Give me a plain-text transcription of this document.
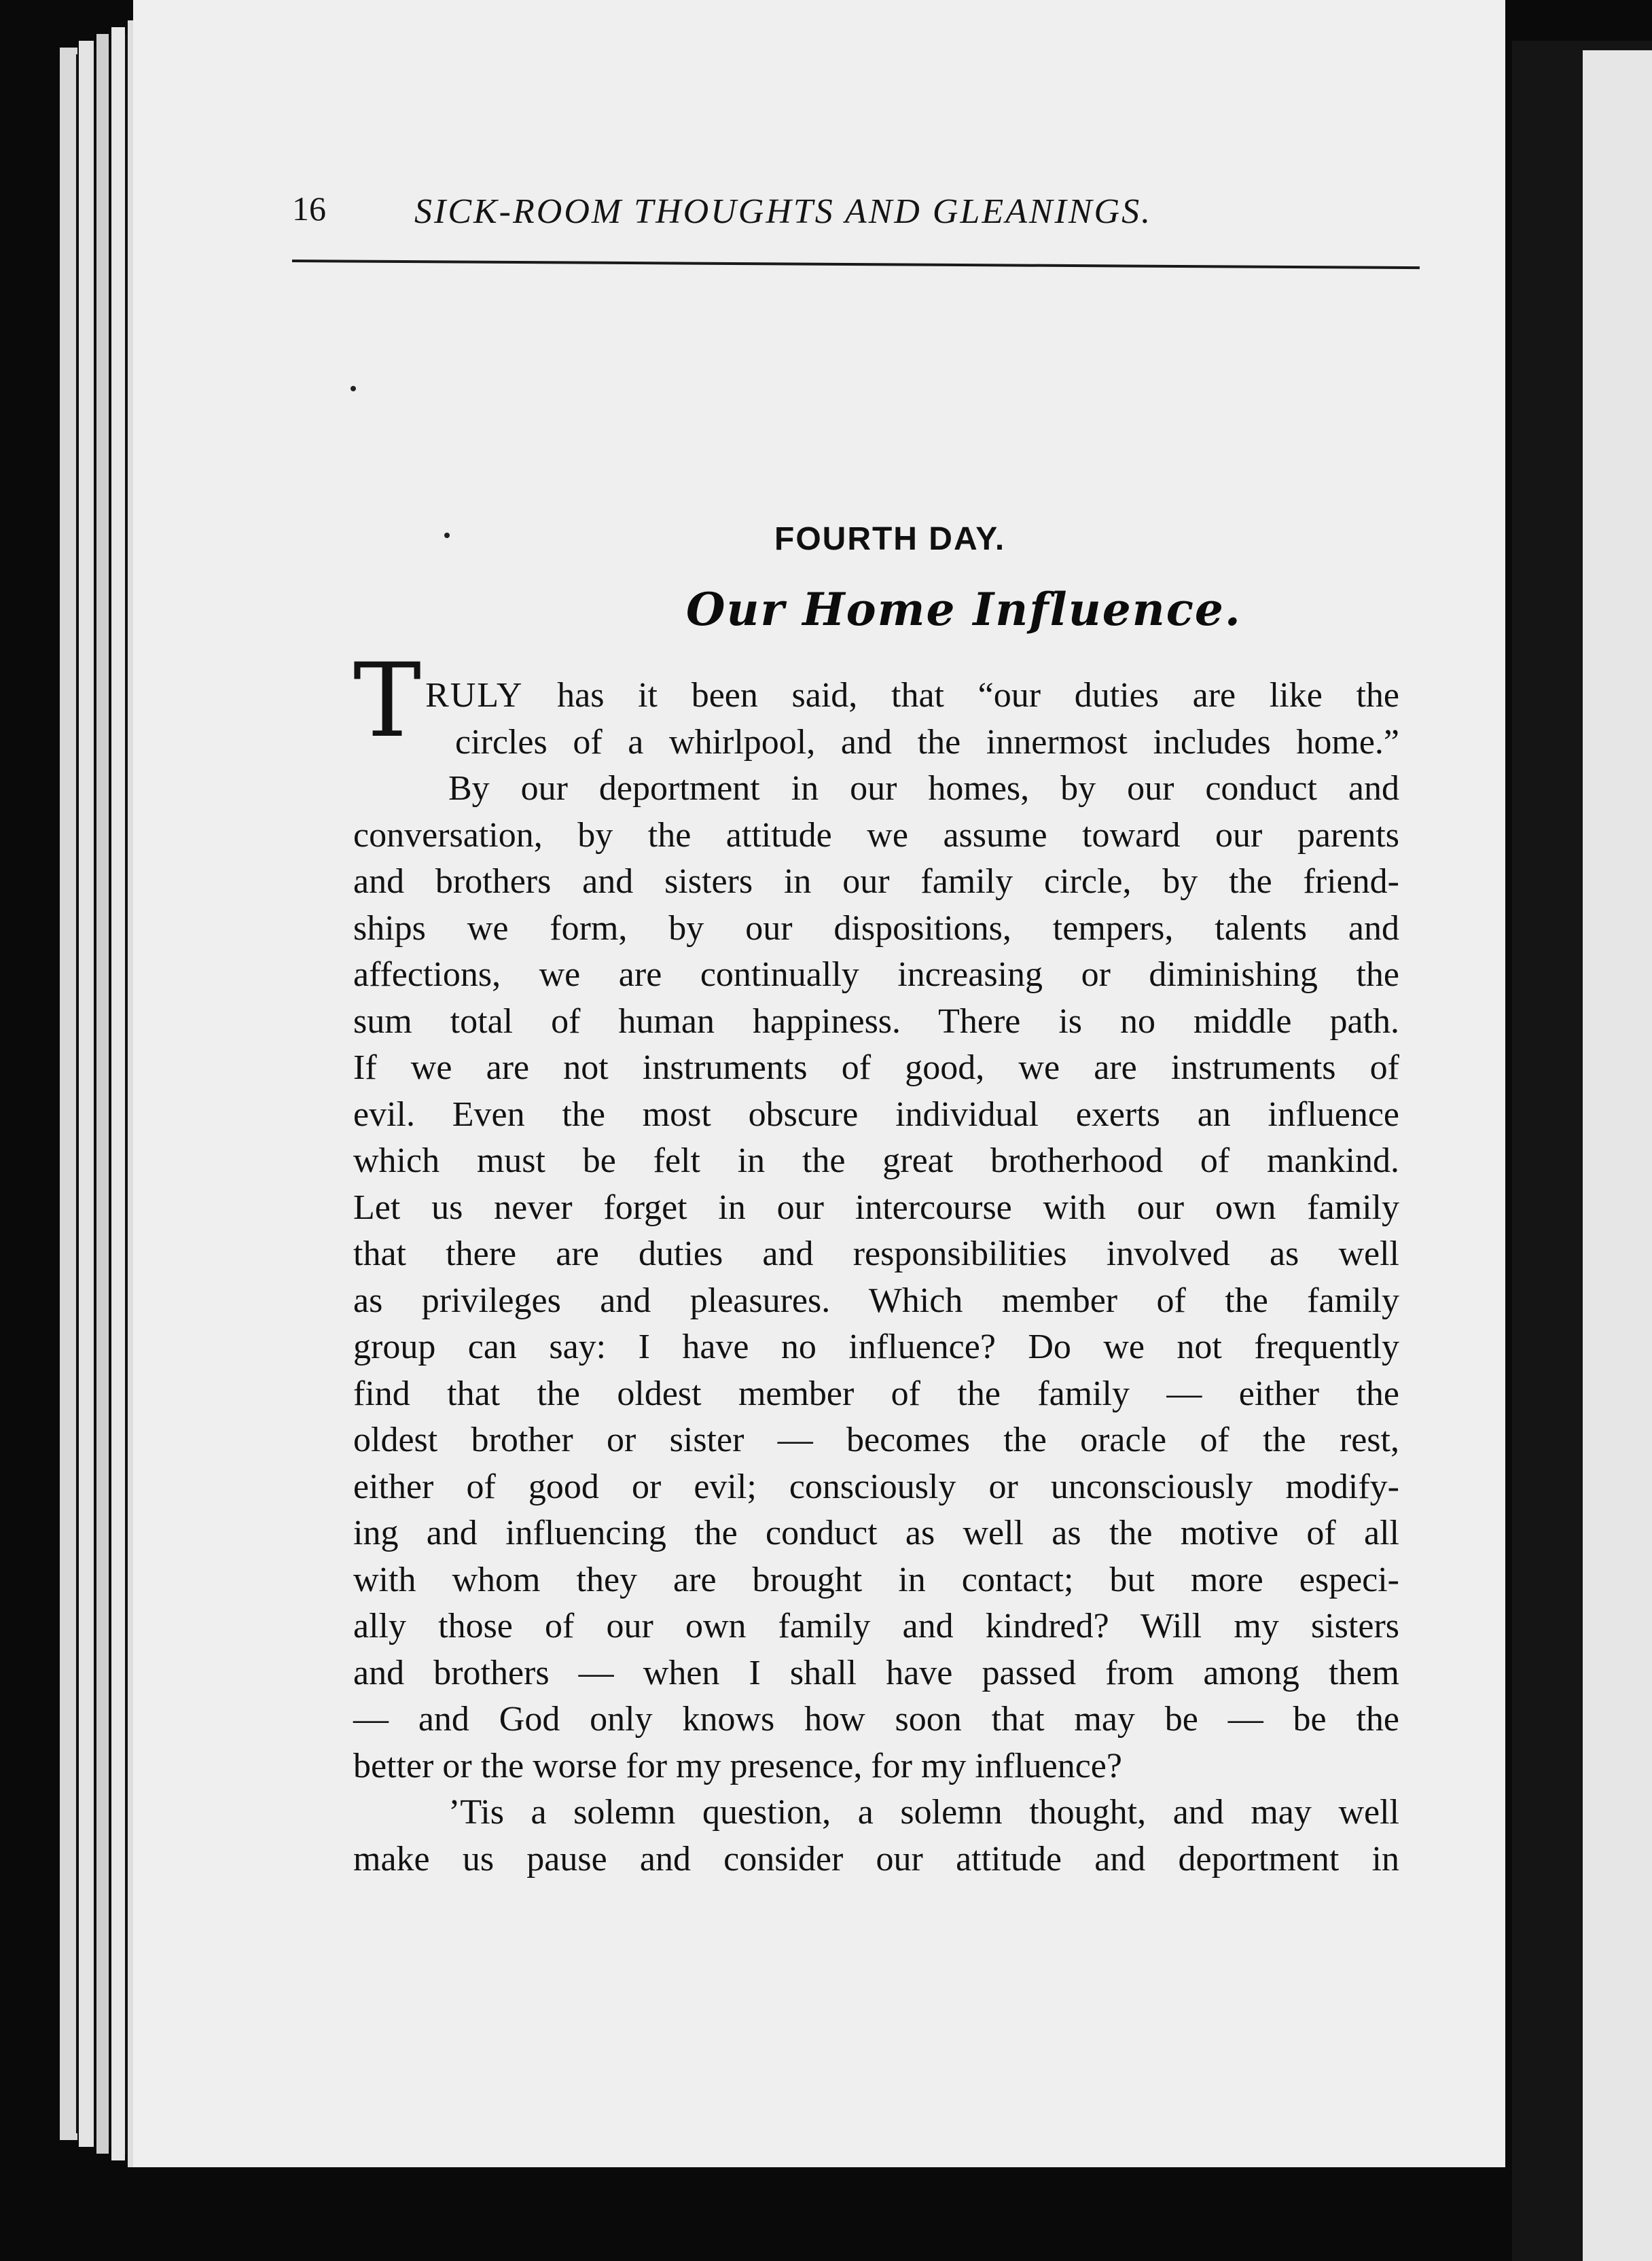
16	SICK-ROOM THOUGHTS AND GLEANINGS.
FOURTH DAY.
Our Home Influence.
TRULY has it been said, that “our duties are like the
circles of a whirlpool, and the innermost includes home.”
By our deportment in our homes, by our conduct and
conversation, by the attitude we assume toward our parents
and brothers and sisters in our family circle, by the friend-
ships we form, by our dispositions, tempers, talents and
affections, we are continually increasing or diminishing the
sum total of human happiness. There is no middle path.
If we are not instruments of good, we are instruments of
evil. Even the most obscure individual exerts an influence
which must be felt in the great brotherhood of mankind.
Let us never forget in our intercourse with our own family
that there are duties and responsibilities involved as well
as privileges and pleasures. Which member of the family
group can say: I have no influence? Do we not frequently
find that the oldest member of the family — either the
oldest brother or sister — becomes the oracle of the rest,
either of good or evil; consciously or unconsciously modify-
ing and influencing the conduct as well as the motive of all
with whom they are brought in contact; but more especi-
ally those of our own family and kindred? Will my sisters
and brothers — when I shall have passed from among them
— and God only knows how soon that may be — be the
better or the worse for my presence, for my influence?
’Tis a solemn question, a solemn thought, and may well
make us pause and consider our attitude and deportment in
